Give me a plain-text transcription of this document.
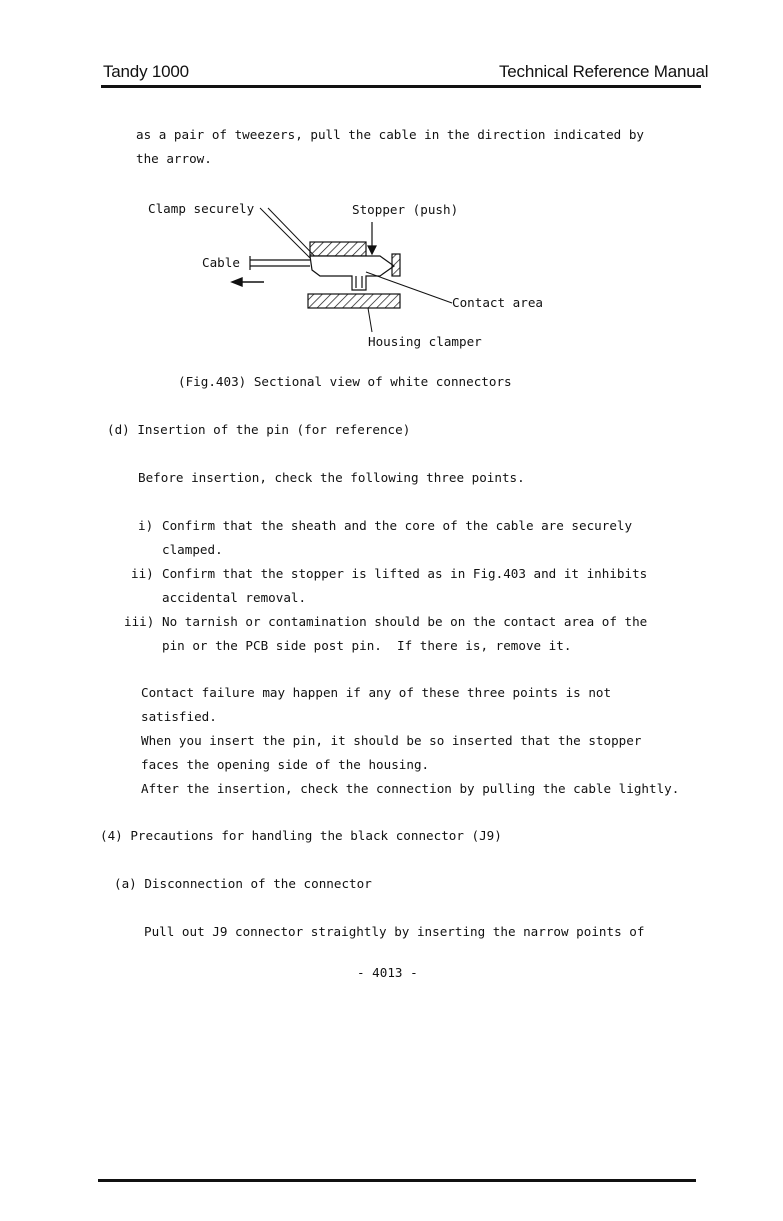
Tandy 1000	Technical Reference Manual
as a pair of tweezers, pull the cable in the direction indicated by
the arrow.
Clamp securely	Stopper (push)
Cable
Contact area
Housing clamper
(Fig.403) Sectional view of white connectors
(d) Insertion of the pin (for reference)
Before insertion, check the following three points.
i) Confirm that the sheath and the core of the cable are securely
clamped.
ii) Confirm that the stopper is lifted as in Fig.403 and it inhibits
accidental removal.
iii) No tarnish or contamination should be on the contact area of the
pin or the PCB side post pin.  If there is, remove it.
Contact failure may happen if any of these three points is not
satisfied.
When you insert the pin, it should be so inserted that the stopper
faces the opening side of the housing.
After the insertion, check the connection by pulling the cable lightly.
(4) Precautions for handling the black connector (J9)
(a) Disconnection of the connector
Pull out J9 connector straightly by inserting the narrow points of
- 4013 -
